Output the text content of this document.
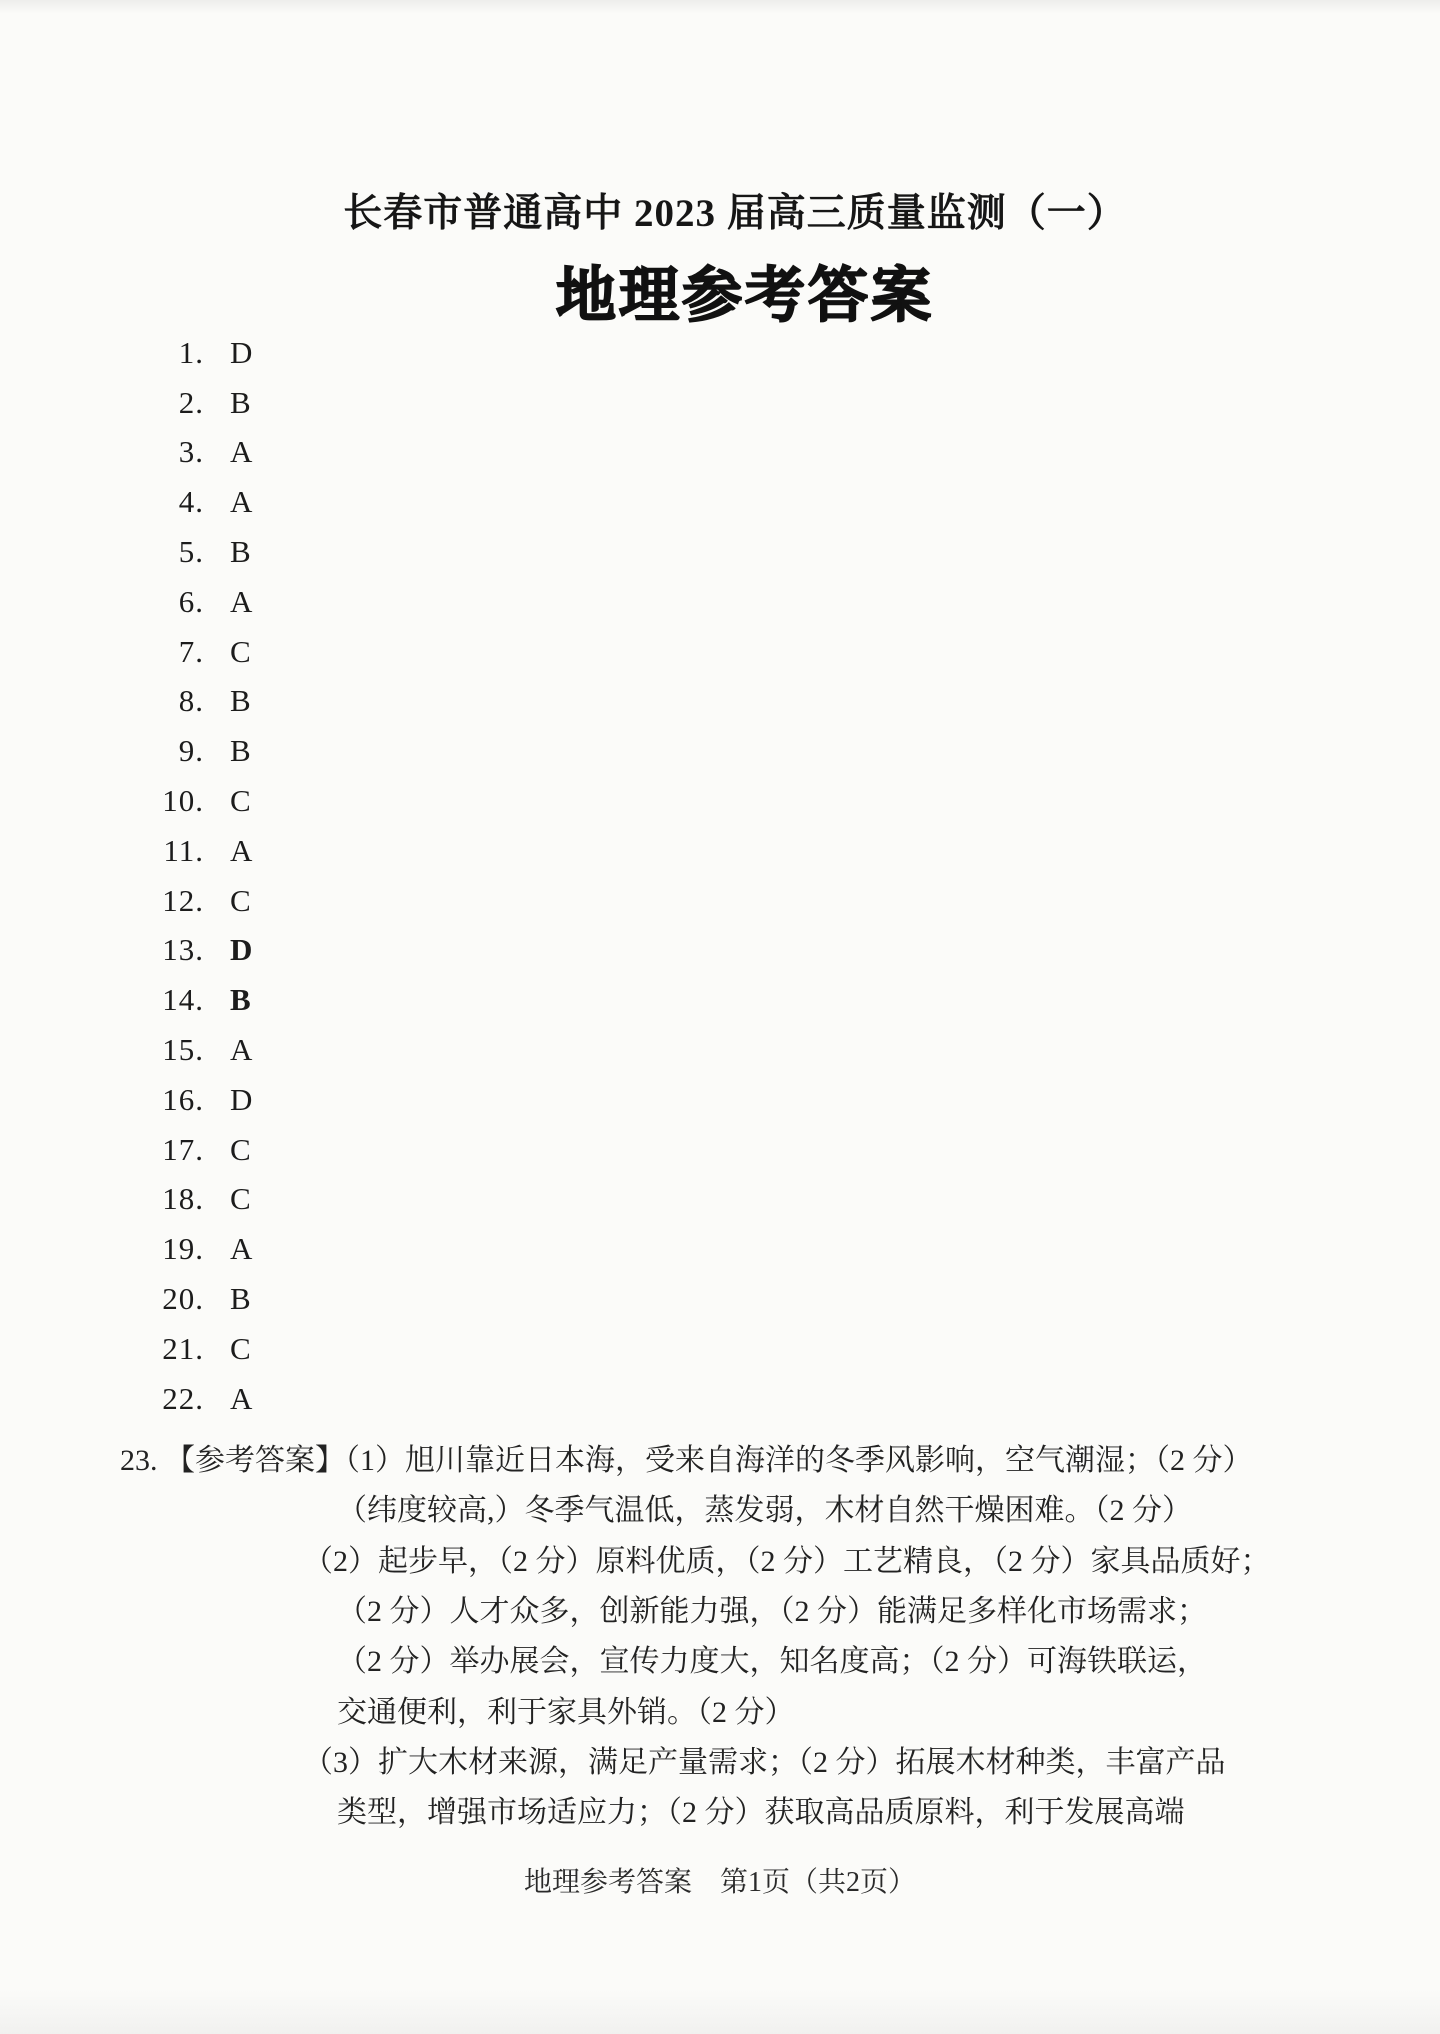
长春市普通高中 2023 届高三质量监测（一）
地理参考答案
1. D
2. B
3. A
4. A
5. B
6. A
7. C
8. B
9. B
10. C
11. A
12. C
13. D
14. B
15. A
16. D
17. C
18. C
19. A
20. B
21. C
22. A
23. 【参考答案】（1）旭川靠近日本海，受来自海洋的冬季风影响，空气潮湿；（2 分）
（纬度较高,）冬季气温低，蒸发弱，木材自然干燥困难。（2 分）
（2）起步早，（2 分）原料优质，（2 分）工艺精良，（2 分）家具品质好；
（2 分）人才众多，创新能力强，（2 分）能满足多样化市场需求；
（2 分）举办展会，宣传力度大，知名度高；（2 分）可海铁联运，
交通便利，利于家具外销。（2 分）
（3）扩大木材来源，满足产量需求；（2 分）拓展木材种类，丰富产品
类型，增强市场适应力；（2 分）获取高品质原料，利于发展高端
地理参考答案　第1页（共2页）
